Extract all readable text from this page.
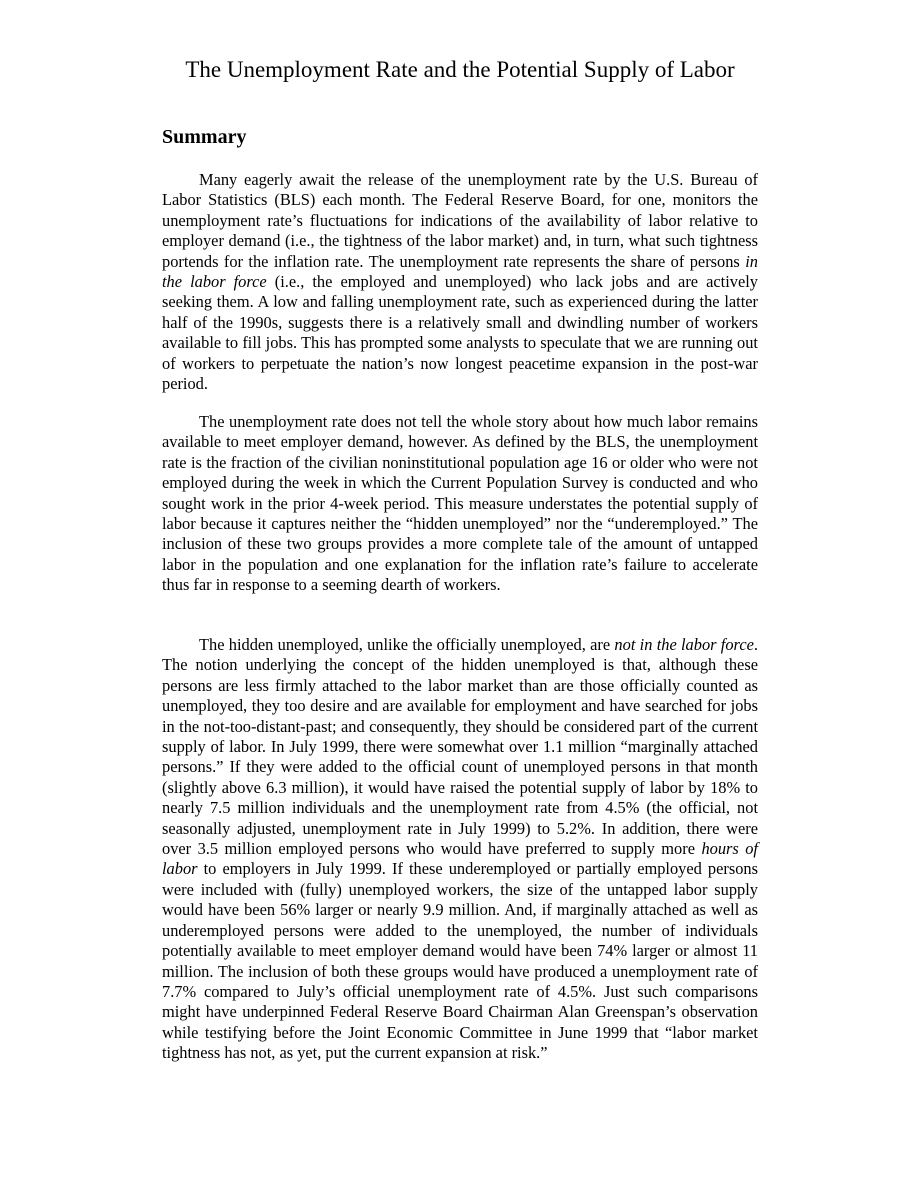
The Unemployment Rate and the Potential Supply of Labor
Summary

Many eagerly await the release of the unemployment rate by the U.S. Bureau of Labor Statistics (BLS) each month. The Federal Reserve Board, for one, monitors the unemployment rate’s fluctuations for indications of the availability of labor relative to employer demand (i.e., the tightness of the labor market) and, in turn, what such tightness portends for the inflation rate. The unemployment rate represents the share of persons in the labor force (i.e., the employed and unemployed) who lack jobs and are actively seeking them. A low and falling unemployment rate, such as experienced during the latter half of the 1990s, suggests there is a relatively small and dwindling number of workers available to fill jobs. This has prompted some analysts to speculate that we are running out of workers to perpetuate the nation’s now longest peacetime expansion in the post-war period.

The unemployment rate does not tell the whole story about how much labor remains available to meet employer demand, however. As defined by the BLS, the unemployment rate is the fraction of the civilian noninstitutional population age 16 or older who were not employed during the week in which the Current Population Survey is conducted and who sought work in the prior 4-week period. This measure understates the potential supply of labor because it captures neither the “hidden unemployed” nor the “underemployed.” The inclusion of these two groups provides a more complete tale of the amount of untapped labor in the population and one explanation for the inflation rate’s failure to accelerate thus far in response to a seeming dearth of workers.

The hidden unemployed, unlike the officially unemployed, are not in the labor force. The notion underlying the concept of the hidden unemployed is that, although these persons are less firmly attached to the labor market than are those officially counted as unemployed, they too desire and are available for employment and have searched for jobs in the not-too-distant-past; and consequently, they should be considered part of the current supply of labor. In July 1999, there were somewhat over 1.1 million “marginally attached persons.” If they were added to the official count of unemployed persons in that month (slightly above 6.3 million), it would have raised the potential supply of labor by 18% to nearly 7.5 million individuals and the unemployment rate from 4.5% (the official, not seasonally adjusted, unemployment rate in July 1999) to 5.2%. In addition, there were over 3.5 million employed persons who would have preferred to supply more hours of labor to employers in July 1999. If these underemployed or partially employed persons were included with (fully) unemployed workers, the size of the untapped labor supply would have been 56% larger or nearly 9.9 million. And, if marginally attached as well as underemployed persons were added to the unemployed, the number of individuals potentially available to meet employer demand would have been 74% larger or almost 11 million. The inclusion of both these groups would have produced a unemployment rate of 7.7% compared to July’s official unemployment rate of 4.5%. Just such comparisons might have underpinned Federal Reserve Board Chairman Alan Greenspan’s observation while testifying before the Joint Economic Committee in June 1999 that “labor market tightness has not, as yet, put the current expansion at risk.”
